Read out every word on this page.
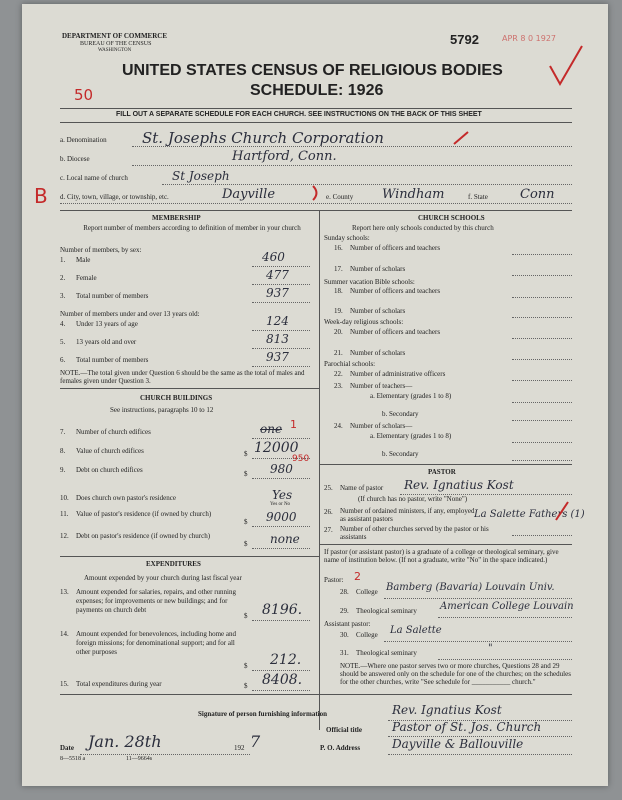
DEPARTMENT OF COMMERCE
BUREAU OF THE CENSUS
WASHINGTON
5792	APR 8 0 1927
UNITED STATES CENSUS OF RELIGIOUS BODIES
SCHEDULE: 1926
50
FILL OUT A SEPARATE SCHEDULE FOR EACH CHURCH. SEE INSTRUCTIONS ON THE BACK OF THIS SHEET
a. Denomination St. Josephs Church Corporation
b. Diocese	Hartford, Conn.
c. Local name of church	St Joseph
d. City, town, village, or township, etc.	Dayville	e. County Windham	f. State Conn
B
MEMBERSHIP
Report number of members according to definition of member in your church
Number of members, by sex:
1. Male	460
2. Female	477
3. Total number of members	937
Number of members under and over 13 years old:
4. Under 13 years of age	124
5. 13 years old and over	813
6. Total number of members	937
NOTE.—The total given under Question 6 should be the same as the total of males and females given under Question 3.
CHURCH BUILDINGS
See instructions, paragraphs 10 to 12
7. Number of church edifices	one 1
8. Value of church edifices	$ 12000
9. Debt on church edifices	$ 980
950
10. Does church own pastor's residence	Yes
Yes or No
11. Value of pastor's residence (if owned by church)
$ 9000
12. Debt on pastor's residence (if owned by church)
$ none
EXPENDITURES
Amount expended by your church during last fiscal year
13. Amount expended for salaries, repairs, and other running expenses; for improvements or new buildings; and for payments on church debt
$ 8196.
14. Amount expended for benevolences, including home and foreign missions; for denominational support; and for all other purposes
$ 212.
15. Total expenditures during year	$ 8408.
CHURCH SCHOOLS
Report here only schools conducted by this church
Sunday schools:
16. Number of officers and teachers
17. Number of scholars
Summer vacation Bible schools:
18. Number of officers and teachers
19. Number of scholars
Week-day religious schools:
20. Number of officers and teachers
21. Number of scholars
Parochial schools:
22. Number of administrative officers
23. Number of teachers—
a. Elementary (grades 1 to 8)
b. Secondary
24. Number of scholars—
a. Elementary (grades 1 to 8)
b. Secondary
PASTOR
25. Name of pastor Rev. Ignatius Kost
(If church has no pastor, write "None")
26. Number of ordained ministers, if any, employed as assistant pastors	La Salette Fathers (1)
27. Number of other churches served by the pastor or his assistants
If pastor (or assistant pastor) is a graduate of a college or theological seminary, give name of institution below. (If not a graduate, write "No" in the space indicated.)
Pastor: 2
28. College Bamberg (Bavaria) Louvain Univ.
29. Theological seminary American College Louvain
Assistant pastor:
30. College La Salette
31. Theological seminary	"
NOTE.—Where one pastor serves two or more churches, Questions 28 and 29 should be answered only on the schedule for one of the churches; on the schedules for the other churches, write "See schedule for ___________ church."
Signature of person furnishing information	Rev. Ignatius Kost
Official title	Pastor of St. Jos. Church
Date Jan. 28th	192 7	P. O. Address	Dayville & Ballouville
8—5518 a	11—9664s
